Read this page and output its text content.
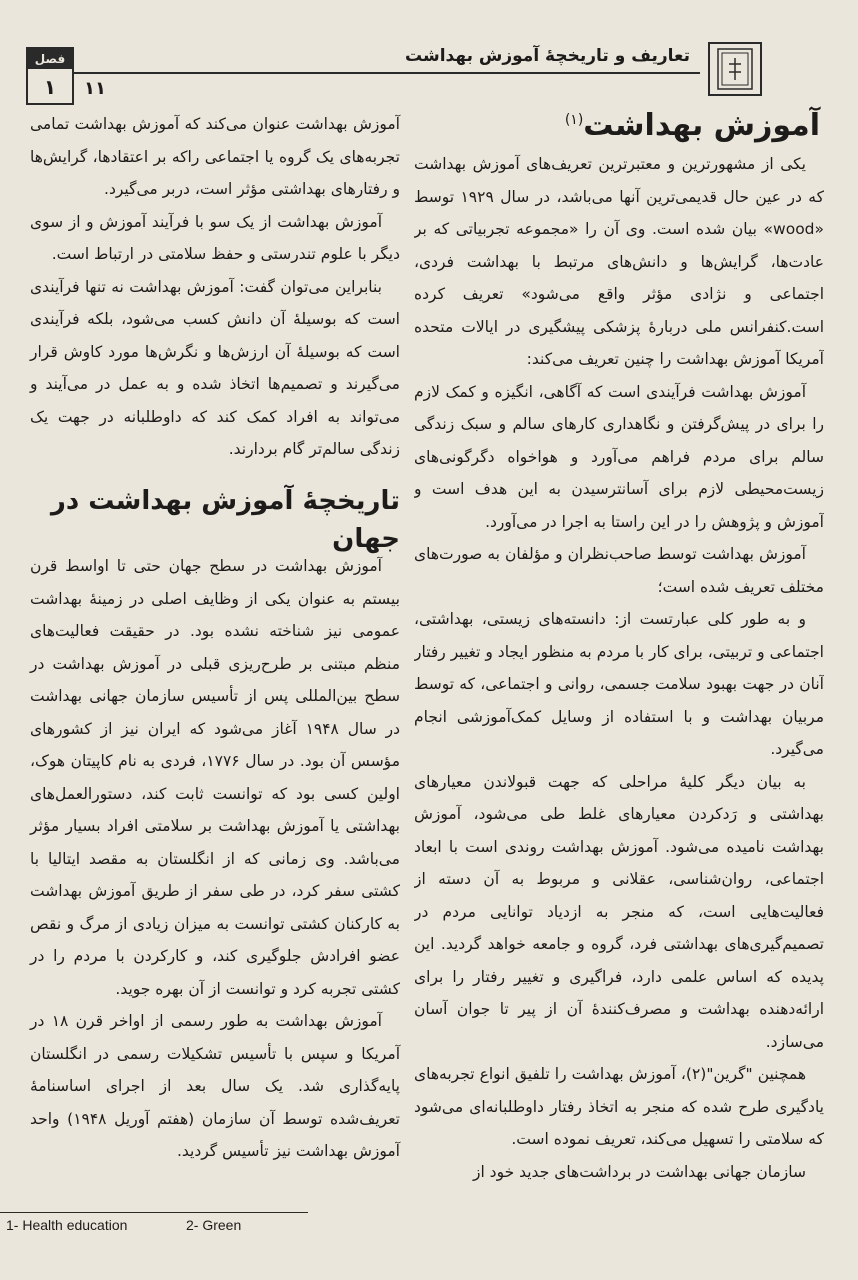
تعاریف و تاریخچهٔ آموزش بهداشت
فصل
۱	۱۱
آموزش بهداشت$^{(۱)}$

یکی از مشهورترین و معتبرترین تعریف‌های آموزش بهداشت که در عین حال قدیمی‌ترین آنها می‌باشد، در سال ۱۹۲۹ توسط «wood» بیان شده است. وی آن را «مجموعه تجربیاتی که بر عادت‌ها، گرایش‌ها و دانش‌های مرتبط با بهداشت فردی، اجتماعی و نژادی مؤثر واقع می‌شود» تعریف کرده است.کنفرانس ملی دربارهٔ پزشکی پیشگیری در ایالات متحده آمریکا آموزش بهداشت را چنین تعریف می‌کند:

آموزش بهداشت فرآیندی است که آگاهی، انگیزه و کمک لازم را برای در پیش‌گرفتن و نگاهداری کارهای سالم و سبک زندگی سالم برای مردم فراهم می‌آورد و هواخواه دگرگونی‌های زیست‌محیطی لازم برای آسانترسیدن به این هدف است و آموزش و پژوهش را در این راستا به اجرا در می‌آورد.

آموزش بهداشت توسط صاحب‌نظران و مؤلفان به صورت‌های مختلف تعریف شده است؛

و به طور کلی عبارتست از: دانسته‌های زیستی، بهداشتی، اجتماعی و تربیتی، برای کار با مردم به منظور ایجاد و تغییر رفتار آنان در جهت بهبود سلامت جسمی، روانی و اجتماعی، که توسط مربیان بهداشت و با استفاده از وسایل کمک‌آموزشی انجام می‌گیرد.

به بیان دیگر کلیهٔ مراحلی که جهت قبولاندن معیارهای بهداشتی و رَدکردن معیارهای غلط طی می‌شود، آموزش بهداشت نامیده می‌شود. آموزش بهداشت روندی است با ابعاد اجتماعی، روان‌شناسی، عقلانی و مربوط به آن دسته از فعالیت‌هایی است، که منجر به ازدیاد توانایی مردم در تصمیم‌گیری‌های بهداشتی فرد، گروه و جامعه خواهد گردید. این پدیده که اساس علمی دارد، فراگیری و تغییر رفتار را برای ارائه‌دهنده بهداشت و مصرف‌کنندهٔ آن از پیر تا جوان آسان می‌سازد.

همچنین "گرین"(۲)، آموزش بهداشت را تلفیق انواع تجربه‌های یادگیری طرح شده که منجر به اتخاذ رفتار داوطلبانه‌ای می‌شود که سلامتی را تسهیل می‌کند، تعریف نموده است.

سازمان جهانی بهداشت در برداشت‌های جدید خود از

آموزش بهداشت عنوان می‌کند که آموزش بهداشت تمامی تجربه‌های یک گروه یا اجتماعی راکه بر اعتقادها، گرایش‌ها و رفتارهای بهداشتی مؤثر است، دربر می‌گیرد.

آموزش بهداشت از یک سو با فرآیند آموزش و از سوی دیگر با علوم تندرستی و حفظ سلامتی در ارتباط است.

بنابراین می‌توان گفت: آموزش بهداشت نه تنها فرآیندی است که بوسیلهٔ آن دانش کسب می‌شود، بلکه فرآیندی است که بوسیلهٔ آن ارزش‌ها و نگرش‌ها مورد کاوش قرار می‌گیرند و تصمیم‌ها اتخاذ شده و به عمل در می‌آیند و می‌تواند به افراد کمک کند که داوطلبانه در جهت یک زندگی سالم‌تر گام بردارند.

تاریخچهٔ آموزش بهداشت در جهان

آموزش بهداشت در سطح جهان حتی تا اواسط قرن بیستم به عنوان یکی از وظایف اصلی در زمینهٔ بهداشت عمومی نیز شناخته نشده بود. در حقیقت فعالیت‌های منظم مبتنی بر طرح‌ریزی قبلی در آموزش بهداشت در سطح بین‌المللی پس از تأسیس سازمان جهانی بهداشت در سال ۱۹۴۸ آغاز می‌شود که ایران نیز از کشورهای مؤسس آن بود. در سال ۱۷۷۶، فردی به نام کاپیتان هوک، اولین کسی بود که توانست ثابت کند، دستورالعمل‌های بهداشتی یا آموزش بهداشت بر سلامتی افراد بسیار مؤثر می‌باشد. وی زمانی که از انگلستان به مقصد ایتالیا با کشتی سفر کرد، در طی سفر از طریق آموزش بهداشت به کارکنان کشتی توانست به میزان زیادی از مرگ و نقص عضو افرادش جلوگیری کند، و کارکردن با مردم را در کشتی تجربه کرد و توانست از آن بهره جوید.

آموزش بهداشت به طور رسمی از اواخر قرن ۱۸ در آمریکا و سپس با تأسیس تشکیلات رسمی در انگلستان پایه‌گذاری شد. یک سال بعد از اجرای اساسنامهٔ تعریف‌شده توسط آن سازمان (هفتم آوریل ۱۹۴۸) واحد آموزش بهداشت نیز تأسیس گردید.

1- Health education	2- Green
